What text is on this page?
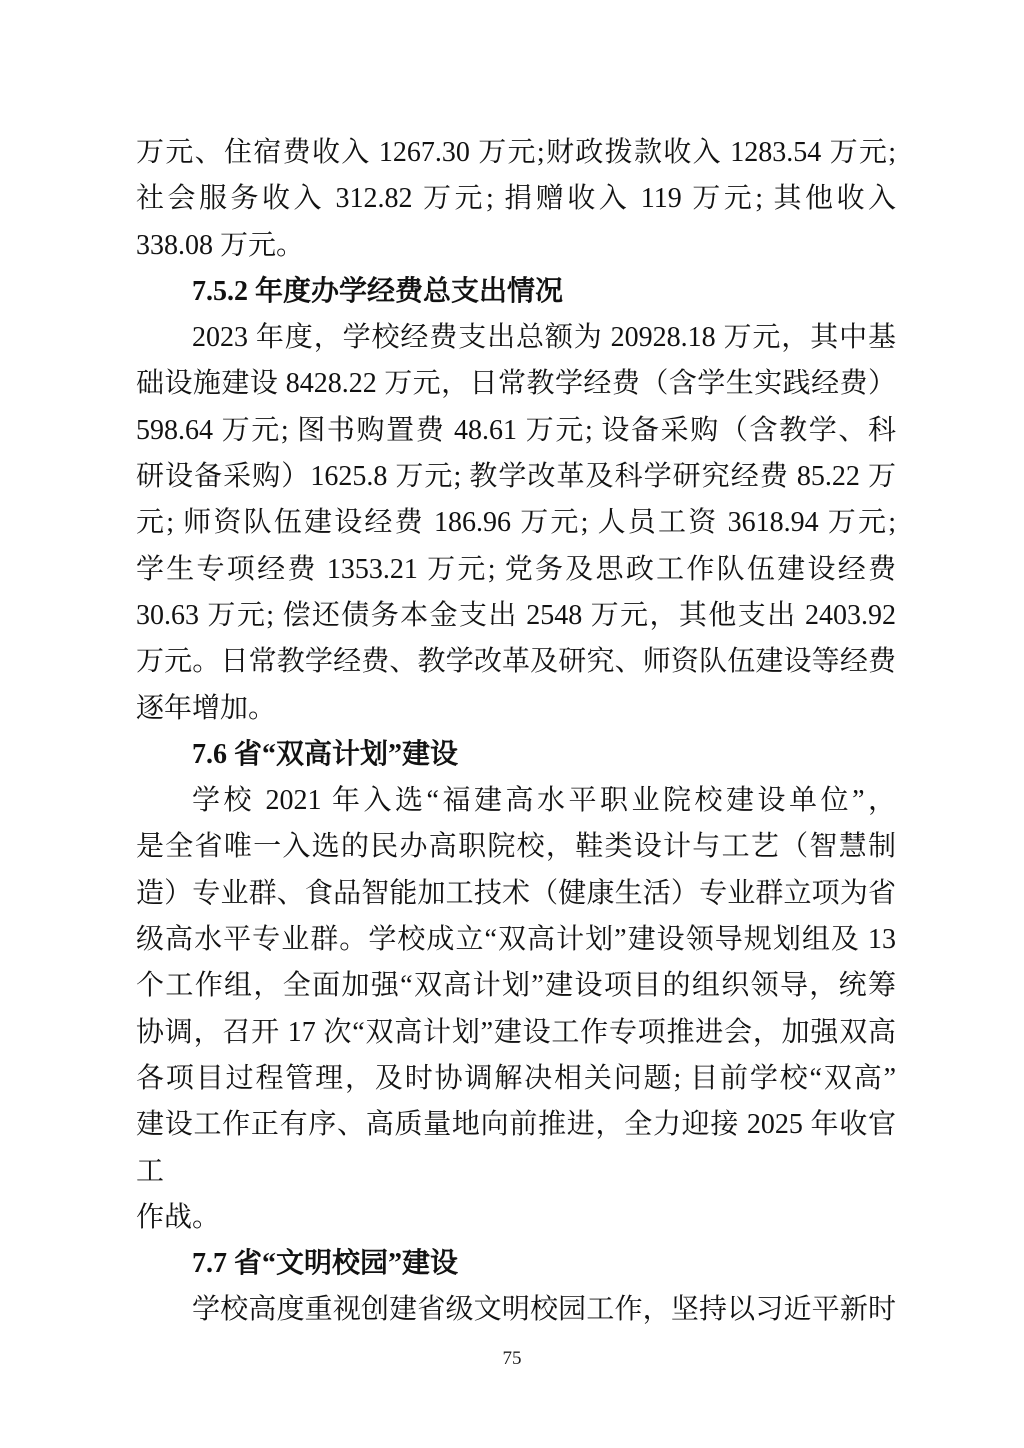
万元、住宿费收入 1267.30 万元;财政拨款收入 1283.54 万元;
社会服务收入 312.82 万元; 捐赠收入 119 万元; 其他收入
338.08 万元。
7.5.2 年度办学经费总支出情况
2023 年度，学校经费支出总额为 20928.18 万元，其中基
础设施建设 8428.22 万元，日常教学经费（含学生实践经费）
598.64 万元; 图书购置费 48.61 万元; 设备采购（含教学、科
研设备采购）1625.8 万元; 教学改革及科学研究经费 85.22 万
元; 师资队伍建设经费 186.96 万元; 人员工资 3618.94 万元;
学生专项经费 1353.21 万元; 党务及思政工作队伍建设经费
30.63 万元; 偿还债务本金支出 2548 万元，其他支出 2403.92
万元。日常教学经费、教学改革及研究、师资队伍建设等经费
逐年增加。
7.6 省“双高计划”建设
学校 2021 年入选“福建高水平职业院校建设单位”，
是全省唯一入选的民办高职院校，鞋类设计与工艺（智慧制
造）专业群、食品智能加工技术（健康生活）专业群立项为省
级高水平专业群。学校成立“双高计划”建设领导规划组及 13
个工作组，全面加强“双高计划”建设项目的组织领导，统筹
协调，召开 17 次“双高计划”建设工作专项推进会，加强双高
各项目过程管理，及时协调解决相关问题; 目前学校“双高”
建设工作正有序、高质量地向前推进，全力迎接 2025 年收官工
作战。
7.7 省“文明校园”建设
学校高度重视创建省级文明校园工作，坚持以习近平新时
75
